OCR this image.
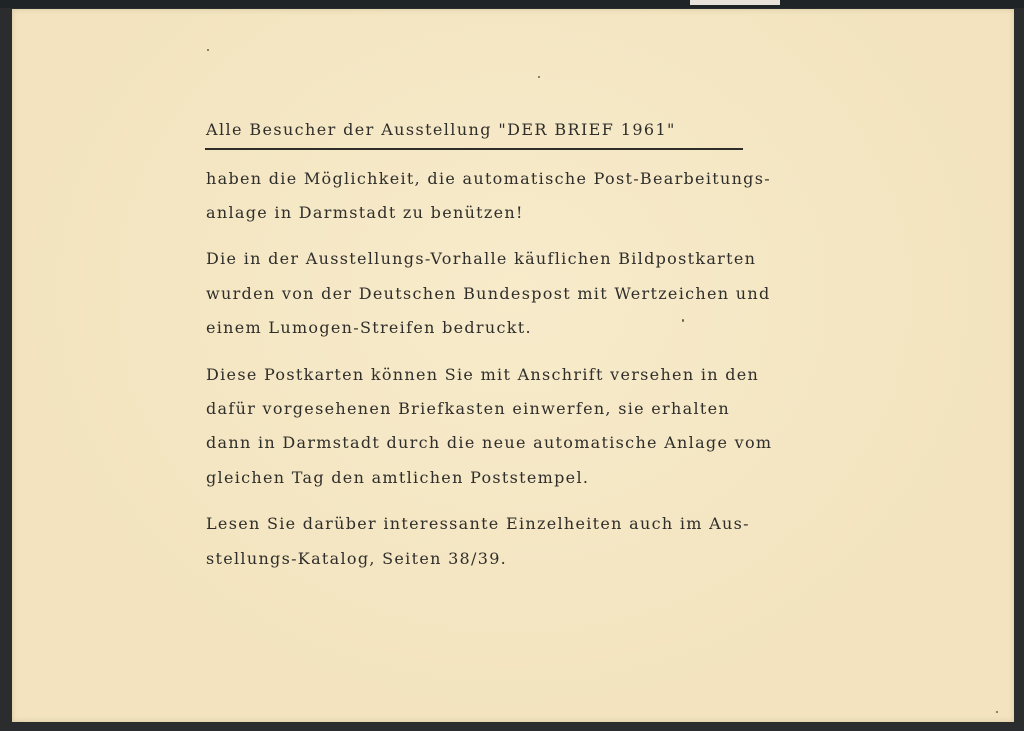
Alle Besucher der Ausstellung "DER BRIEF 1961"
haben die Möglichkeit, die automatische Post-Bearbeitungs-
anlage in Darmstadt zu benützen!
Die in der Ausstellungs-Vorhalle käuflichen Bildpostkarten
wurden von der Deutschen Bundespost mit Wertzeichen und
einem Lumogen-Streifen bedruckt.
Diese Postkarten können Sie mit Anschrift versehen in den
dafür vorgesehenen Briefkasten einwerfen, sie erhalten
dann in Darmstadt durch die neue automatische Anlage vom
gleichen Tag den amtlichen Poststempel.
Lesen Sie darüber interessante Einzelheiten auch im Aus-
stellungs-Katalog, Seiten 38/39.
